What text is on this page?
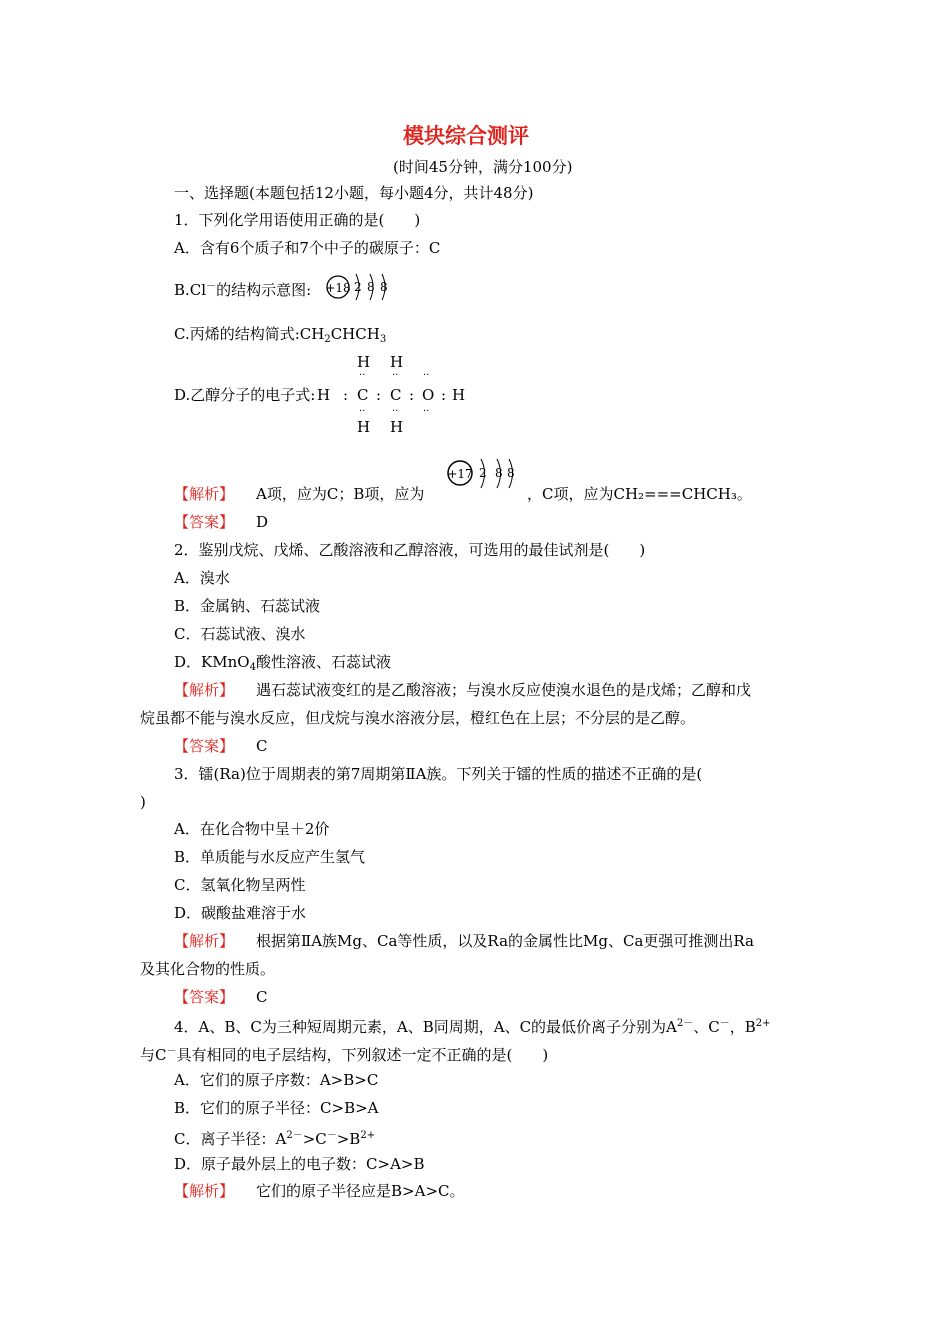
模块综合测评
(时间45分钟，满分100分)
一、选择题(本题包括12小题，每小题4分，共计48分)
1．下列化学用语使用正确的是(　　)
A．含有6个质子和7个中子的碳原子：C
B.Cl－的结构示意图: +18 2 8 8
C.丙烯的结构简式$:CH_2CHCH_3$
H H
··	·· ··
D.乙醇分子的电子式: H : C : C : O : H
··	·· ··
H H
+17 2 8 8
【解析】 A项，应为C；B项，应为	，C项，应为CH₂===CHCH₃。
【答案】 D
2．鉴别戊烷、戊烯、乙酸溶液和乙醇溶液，可选用的最佳试剂是(　　)
A．溴水
B．金属钠、石蕊试液
C．石蕊试液、溴水
D．KMnO$_4$酸性溶液、石蕊试液
【解析】 遇石蕊试液变红的是乙酸溶液；与溴水反应使溴水退色的是戊烯；乙醇和戊
烷虽都不能与溴水反应，但戊烷与溴水溶液分层，橙红色在上层；不分层的是乙醇。
【答案】 C
3．镭(Ra)位于周期表的第7周期第ⅡA族。下列关于镭的性质的描述不正确的是(
)
A．在化合物中呈＋2价
B．单质能与水反应产生氢气
C．氢氧化物呈两性
D．碳酸盐难溶于水
【解析】 根据第ⅡA族Mg、Ca等性质，以及Ra的金属性比Mg、Ca更强可推测出Ra
及其化合物的性质。
【答案】 C
4．A、B、C为三种短周期元素，A、B同周期，A、C的最低价离子分别为$A^{2-}$、C－，$B^{2+}$
与C－具有相同的电子层结构，下列叙述一定不正确的是(　　)
A．它们的原子序数：A>B>C
B．它们的原子半径：C>B>A
C．离子半径：$A^{2-}>C^->B^{2+}$
D．原子最外层上的电子数：C>A>B
【解析】 它们的原子半径应是B>A>C。
